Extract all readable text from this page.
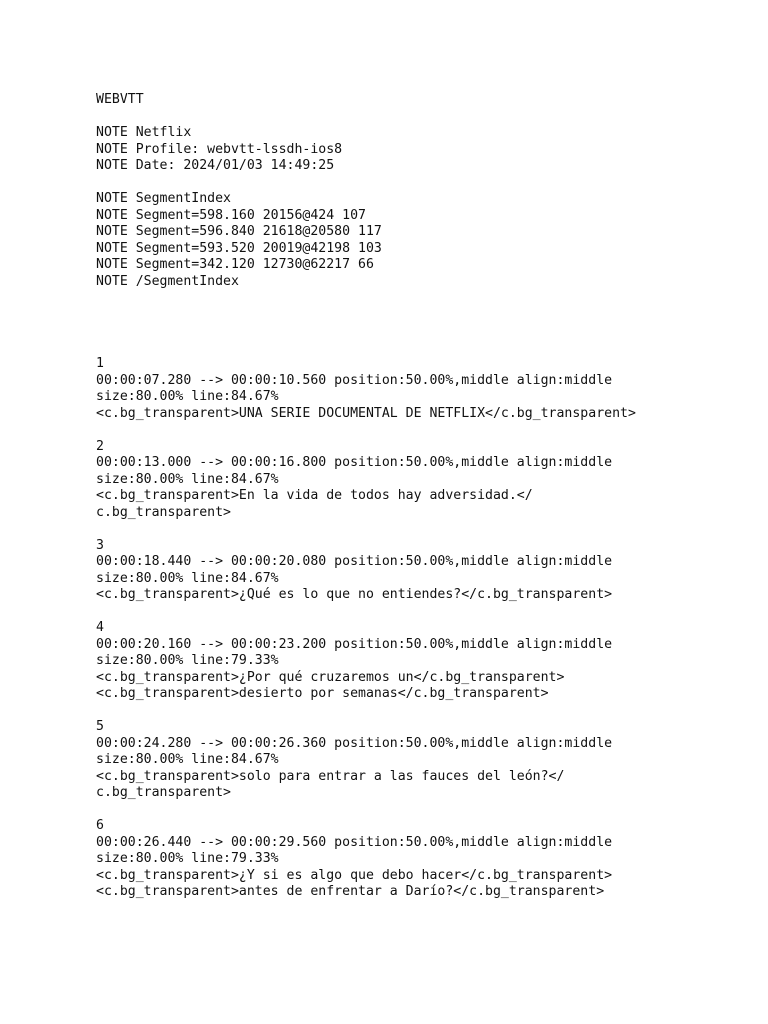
WEBVTT
NOTE Netflix
NOTE Profile: webvtt-lssdh-ios8
NOTE Date: 2024/01/03 14:49:25
NOTE SegmentIndex
NOTE Segment=598.160 20156@424 107
NOTE Segment=596.840 21618@20580 117
NOTE Segment=593.520 20019@42198 103
NOTE Segment=342.120 12730@62217 66
NOTE /SegmentIndex
1
00:00:07.280 --> 00:00:10.560 position:50.00%,middle align:middle
size:80.00% line:84.67%
<c.bg_transparent>UNA SERIE DOCUMENTAL DE NETFLIX</c.bg_transparent>
2
00:00:13.000 --> 00:00:16.800 position:50.00%,middle align:middle
size:80.00% line:84.67%
<c.bg_transparent>En la vida de todos hay adversidad.</
c.bg_transparent>
3
00:00:18.440 --> 00:00:20.080 position:50.00%,middle align:middle
size:80.00% line:84.67%
<c.bg_transparent>¿Qué es lo que no entiendes?</c.bg_transparent>
4
00:00:20.160 --> 00:00:23.200 position:50.00%,middle align:middle
size:80.00% line:79.33%
<c.bg_transparent>¿Por qué cruzaremos un</c.bg_transparent>
<c.bg_transparent>desierto por semanas</c.bg_transparent>
5
00:00:24.280 --> 00:00:26.360 position:50.00%,middle align:middle
size:80.00% line:84.67%
<c.bg_transparent>solo para entrar a las fauces del león?</
c.bg_transparent>
6
00:00:26.440 --> 00:00:29.560 position:50.00%,middle align:middle
size:80.00% line:79.33%
<c.bg_transparent>¿Y si es algo que debo hacer</c.bg_transparent>
<c.bg_transparent>antes de enfrentar a Darío?</c.bg_transparent>
